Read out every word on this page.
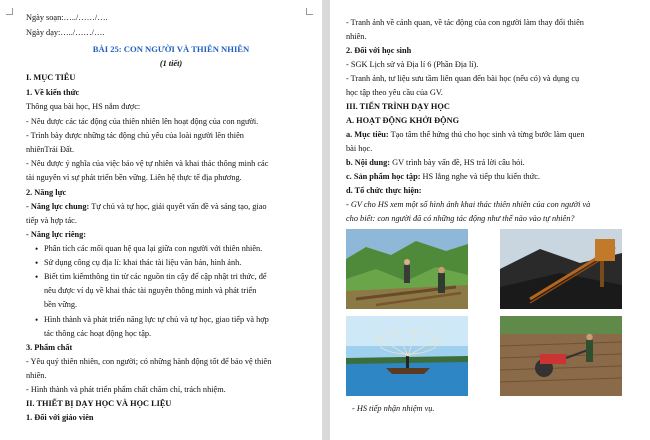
Ngày soạn:…../……/….
Ngày dạy:…../……/….
BÀI 25: CON NGƯỜI VÀ THIÊN NHIÊN
(1 tiết)
I. MỤC TIÊU
1. Về kiến thức
Thông qua bài học, HS nắm được:
- Nêu được các tác động của thiên nhiên lên hoạt động của con người.
- Trình bày được những tác động chủ yếu của loài người lên thiên
nhiênTrái Đất.
- Nêu được ý nghĩa của việc bảo vệ tự nhiên và khai thác thông minh các
tài nguyên vì sự phát triển bền vững. Liên hệ thực tế địa phương.
2. Năng lực
- Năng lực chung: Tự chủ và tự học, giải quyết vấn đề và sáng tạo, giao
tiếp và hợp tác.
- Năng lực riêng:
• Phân tích các mối quan hệ qua lại giữa con người với thiên nhiên.
• Sử dụng công cụ địa lí: khai thác tài liệu văn bản, hình ảnh.
• Biết tìm kiếmthông tin từ các nguồn tin cậy để cập nhật tri thức, để
nêu được ví dụ về khai thác tài nguyên thông minh và phát triển
bền vững.
• Hình thành và phát triển năng lực tự chủ và tự học, giao tiếp và hợp
tác thông các hoạt động học tập.
3. Phẩm chất
- Yêu quý thiên nhiên, con người; có những hành động tốt để bảo vệ thiên
nhiên.
- Hình thành và phát triển phẩm chất chăm chỉ, trách nhiệm.
II. THIẾT BỊ DẠY HỌC VÀ HỌC LIỆU
1. Đối với giáo viên
- Tranh ảnh về cảnh quan, về tác động của con người làm thay đổi thiên
nhiên.
2. Đối với học sinh
- SGK Lịch sử và Địa lí 6 (Phần Địa lí).
- Tranh ảnh, tư liệu sưu tầm liên quan đến bài học (nếu có) và dụng cụ
học tập theo yêu cầu của GV.
III. TIẾN TRÌNH DẠY HỌC
A. HOẠT ĐỘNG KHỞI ĐỘNG
a. Mục tiêu: Tạo tâm thế hứng thú cho học sinh và từng bước làm quen
bài học.
b. Nội dung: GV trình bày vấn đề, HS trả lời câu hỏi.
c. Sản phẩm học tập: HS lắng nghe và tiếp thu kiến thức.
d. Tổ chức thực hiện:
- GV cho HS xem một số hình ảnh khai thác thiên nhiên của con người và
cho biết: con người đã có những tác động như thế nào vào tự nhiên?
- HS tiếp nhận nhiệm vụ.
